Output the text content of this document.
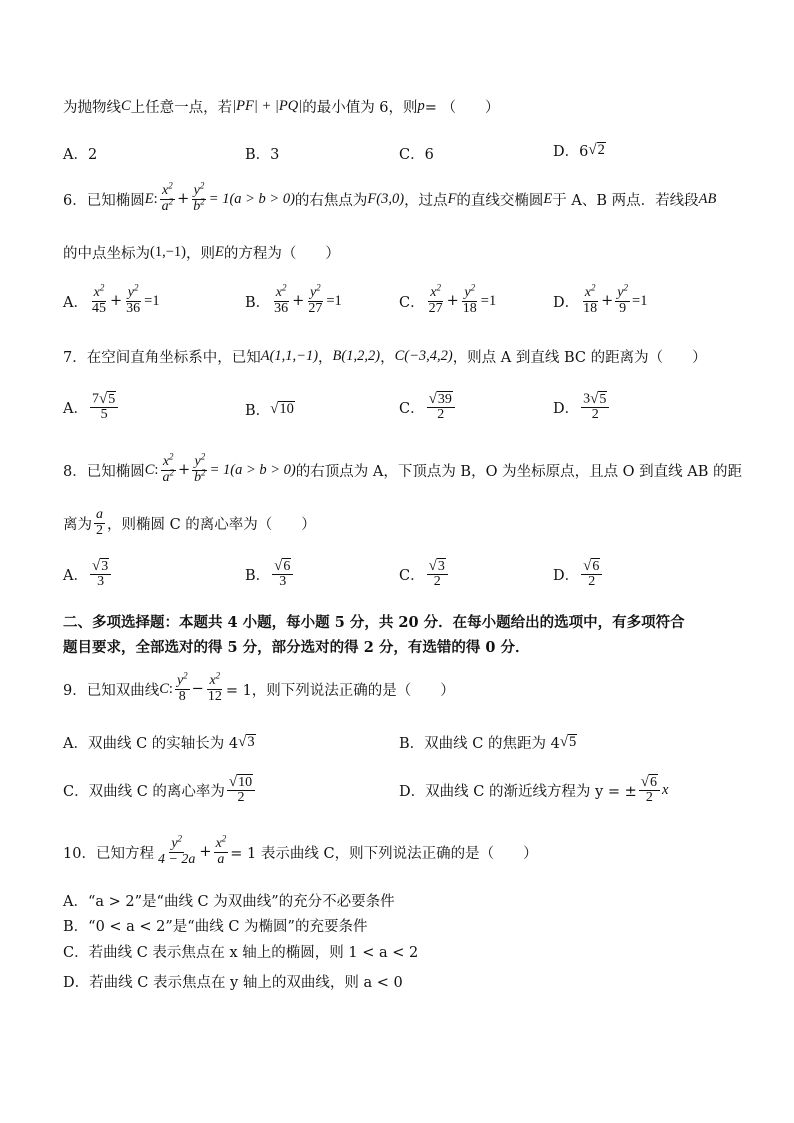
为抛物线 C 上任意一点，若 |PF| + |PQ| 的最小值为 6，则 p = （　　）
A．2	B．3	C．6	D．6 √ 2
6．已知椭圆 E : $\frac{x^2}{a^2} + \frac{y^2}{b^2} = 1(a > b > 0)$ 的右焦点为 F(3,0) ，过点 F 的直线交椭圆 E 于 A、B 两点．若线段 AB
的中点坐标为 (1,−1) ，则 E 的方程为（　　）
A． $\frac{x^2}{45} + \frac{y^2}{36} =1$	B． $\frac{x^2}{36} + \frac{y^2}{27} =1$	C． $\frac{x^2}{27} + \frac{y^2}{18} =1$	D． $\frac{x^2}{18} + \frac{y^2}{9} =1$
7．在空间直角坐标系中，已知 A(1,1,−1) ， B(1,2,2) ， C(−3,4,2) ，则点 A 到直线 BC 的距离为（　　）
A． $\frac{7 √ 5}{5}$	B． √ 10	C． $\frac{√ 39}{2}$	D． $\frac{3 √ 5}{2}$
8．已知椭圆 C : $\frac{x^2}{a^2} + \frac{y^2}{b^2} = 1(a > b > 0)$ 的右顶点为 A，下顶点为 B，O 为坐标原点，且点 O 到直线 AB 的距
离为 $\frac{a}{2}$ ，则椭圆 C 的离心率为（　　）
A． $\frac{√ 3}{3}$	B． $\frac{√ 6}{3}$	C． $\frac{√ 3}{2}$	D． $\frac{√ 6}{2}$
二、多项选择题：本题共 4 小题，每小题 5 分，共 20 分．在每小题给出的选项中，有多项符合
题目要求，全部选对的得 5 分，部分选对的得 2 分，有选错的得 0 分．
9．已知双曲线 C : $\frac{y^2}{8} - \frac{x^2}{12} = 1$，则下列说法正确的是（　　）
A．双曲线 C 的实轴长为 4 √ 3	B．双曲线 C 的焦距为 4 √ 5
C．双曲线 C 的离心率为 $\frac{√ 10}{2}$	D．双曲线 C 的渐近线方程为 y = ± $\frac{√ 6}{2}$ x
10．已知方程 $\frac{y^2}{4 - 2a} + \frac{x^2}{a} = 1$ 表示曲线 C，则下列说法正确的是（　　）
A．“a > 2”是“曲线 C 为双曲线”的充分不必要条件
B．“0 < a < 2”是“曲线 C 为椭圆”的充要条件
C．若曲线 C 表示焦点在 x 轴上的椭圆，则 1 < a < 2
D．若曲线 C 表示焦点在 y 轴上的双曲线，则 a < 0
